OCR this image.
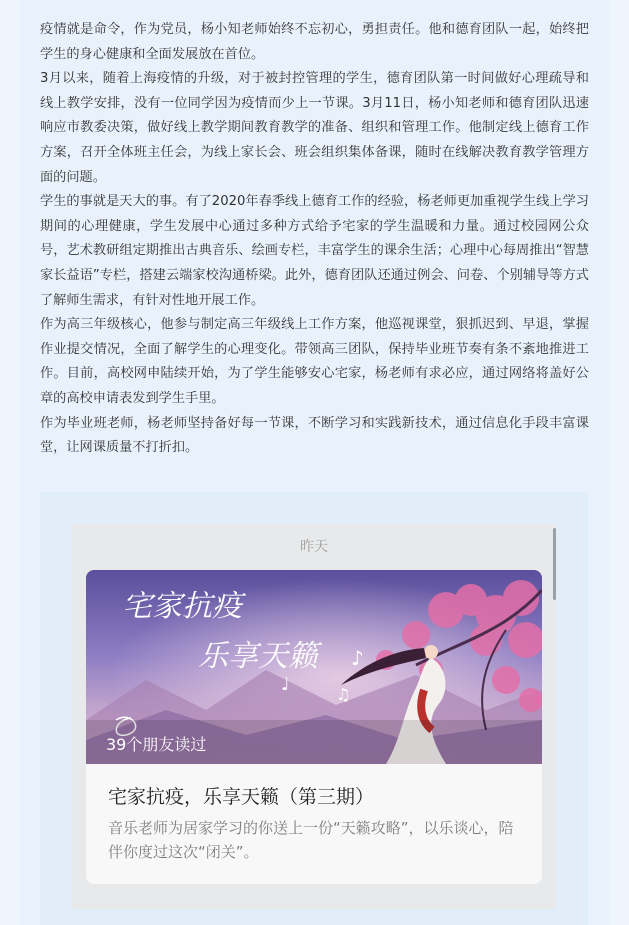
疫情就是命令，作为党员，杨小知老师始终不忘初心，勇担责任。他和德育团队一起，始终把学生的身心健康和全面发展放在首位。

3月以来，随着上海疫情的升级，对于被封控管理的学生，德育团队第一时间做好心理疏导和线上教学安排，没有一位同学因为疫情而少上一节课。3月11日，杨小知老师和德育团队迅速响应市教委决策，做好线上教学期间教育教学的准备、组织和管理工作。他制定线上德育工作方案，召开全体班主任会，为线上家长会、班会组织集体备课，随时在线解决教育教学管理方面的问题。

学生的事就是天大的事。有了2020年春季线上德育工作的经验，杨老师更加重视学生线上学习期间的心理健康，学生发展中心通过多种方式给予宅家的学生温暖和力量。通过校园网公众号，艺术教研组定期推出古典音乐、绘画专栏，丰富学生的课余生活；心理中心每周推出“智慧家长益语”专栏，搭建云端家校沟通桥梁。此外，德育团队还通过例会、问卷、个别辅导等方式了解师生需求，有针对性地开展工作。

作为高三年级核心，他参与制定高三年级线上工作方案，他巡视课堂，狠抓迟到、早退，掌握作业提交情况，全面了解学生的心理变化。带领高三团队，保持毕业班节奏有条不紊地推进工作。目前，高校网申陆续开始，为了学生能够安心宅家，杨老师有求必应，通过网络将盖好公章的高校申请表发到学生手里。

作为毕业班老师，杨老师坚持备好每一节课，不断学习和实践新技术，通过信息化手段丰富课堂，让网课质量不打折扣。

昨天
宅家抗疫
乐享天籁 ♪
♩	♫
39个朋友读过
宅家抗疫，乐享天籁（第三期）
音乐老师为居家学习的你送上一份“天籁攻略”，以乐谈心，陪伴你度过这次“闭关”。
